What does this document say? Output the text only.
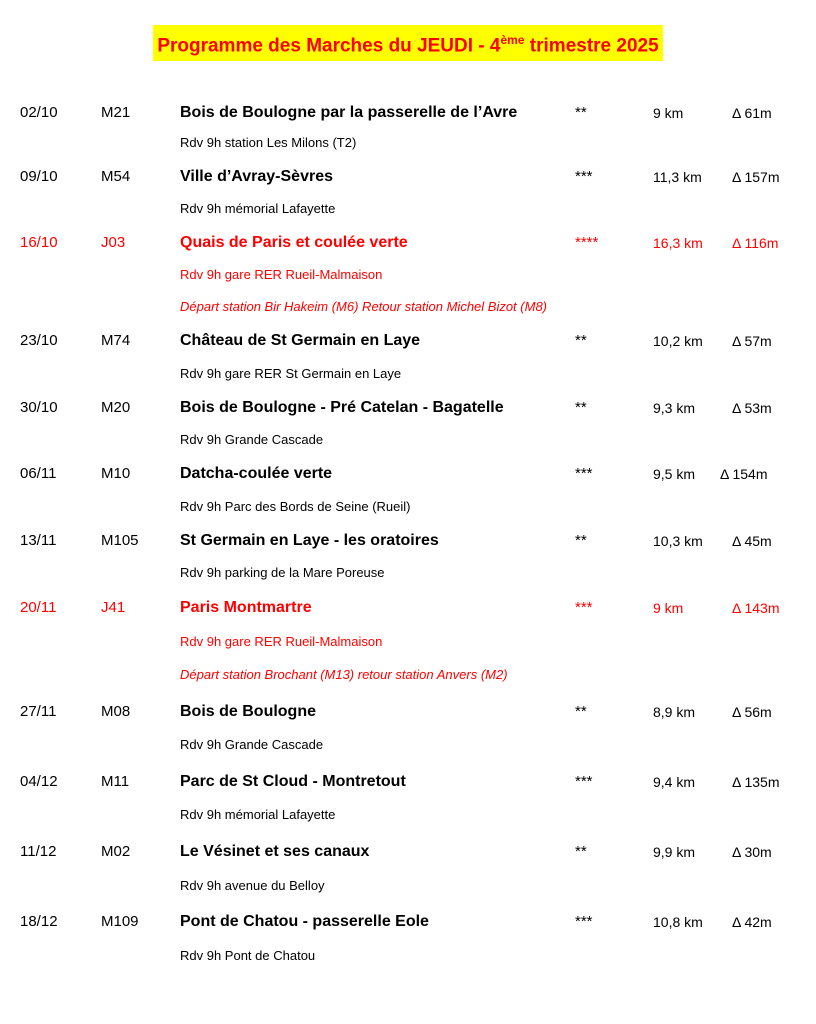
Programme des Marches du JEUDI - 4ème trimestre 2025
02/10	M21	Bois de Boulogne par la passerelle de l’Avre	**	9 km	Δ 61m
Rdv 9h station Les Milons (T2)
09/10	M54	Ville d’Avray-Sèvres	***	11,3 km Δ 157m
Rdv 9h mémorial Lafayette
16/10	J03	Quais de Paris et coulée verte	****	16,3 km Δ 116m
Rdv 9h gare RER Rueil-Malmaison
Départ station Bir Hakeim (M6) Retour station Michel Bizot (M8)
23/10	M74	Château de St Germain en Laye	**	10,2 km Δ 57m
Rdv 9h gare RER St Germain en Laye
30/10	M20	Bois de Boulogne - Pré Catelan - Bagatelle	**	9,3 km	Δ 53m
Rdv 9h Grande Cascade
06/11	M10	Datcha-coulée verte	***	9,5 km Δ 154m
Rdv 9h Parc des Bords de Seine (Rueil)
13/11	M105	St Germain en Laye - les oratoires	**	10,3 km Δ 45m
Rdv 9h parking de la Mare Poreuse
20/11	J41	Paris Montmartre	***	9 km	Δ 143m
Rdv 9h gare RER Rueil-Malmaison
Départ station Brochant (M13) retour station Anvers (M2)
27/11	M08	Bois de Boulogne	**	8,9 km	Δ 56m
Rdv 9h Grande Cascade
04/12	M11	Parc de St Cloud - Montretout	***	9,4 km	Δ 135m
Rdv 9h mémorial Lafayette
11/12	M02	Le Vésinet et ses canaux	**	9,9 km	Δ 30m
Rdv 9h avenue du Belloy
18/12	M109	Pont de Chatou - passerelle Eole	***	10,8 km Δ 42m
Rdv 9h Pont de Chatou
